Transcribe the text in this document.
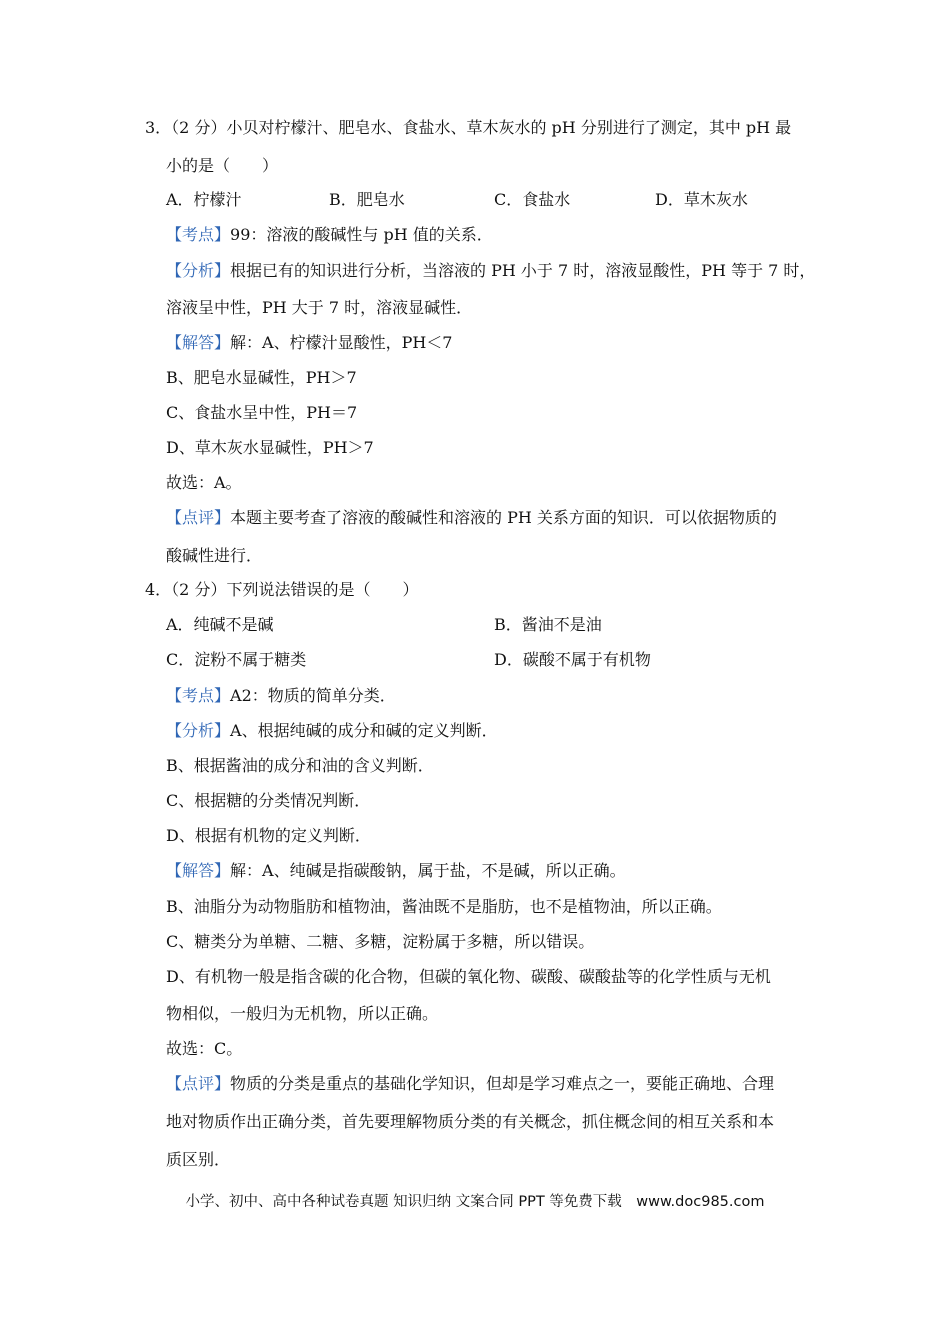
3．（2 分）小贝对柠檬汁、肥皂水、食盐水、草木灰水的 pH 分别进行了测定，其中 pH 最
小的是（　　）
A．柠檬汁	B．肥皂水	C．食盐水	D．草木灰水
【考点】99：溶液的酸碱性与 pH 值的关系．
【分析】根据已有的知识进行分析，当溶液的 PH 小于 7 时，溶液显酸性，PH 等于 7 时，
溶液呈中性，PH 大于 7 时，溶液显碱性．
【解答】解：A、柠檬汁显酸性，PH＜7
B、肥皂水显碱性，PH＞7
C、食盐水呈中性，PH＝7
D、草木灰水显碱性，PH＞7
故选：A。
【点评】本题主要考查了溶液的酸碱性和溶液的 PH 关系方面的知识．可以依据物质的
酸碱性进行．
4．（2 分）下列说法错误的是（　　）
A．纯碱不是碱	B．酱油不是油
C．淀粉不属于糖类	D．碳酸不属于有机物
【考点】A2：物质的简单分类．
【分析】A、根据纯碱的成分和碱的定义判断．
B、根据酱油的成分和油的含义判断．
C、根据糖的分类情况判断．
D、根据有机物的定义判断．
【解答】解：A、纯碱是指碳酸钠，属于盐，不是碱，所以正确。
B、油脂分为动物脂肪和植物油，酱油既不是脂肪，也不是植物油，所以正确。
C、糖类分为单糖、二糖、多糖，淀粉属于多糖，所以错误。
D、有机物一般是指含碳的化合物，但碳的氧化物、碳酸、碳酸盐等的化学性质与无机
物相似，一般归为无机物，所以正确。
故选：C。
【点评】物质的分类是重点的基础化学知识，但却是学习难点之一，要能正确地、合理
地对物质作出正确分类，首先要理解物质分类的有关概念，抓住概念间的相互关系和本
质区别．
小学、初中、高中各种试卷真题 知识归纳 文案合同 PPT 等免费下载　www.doc985.com
